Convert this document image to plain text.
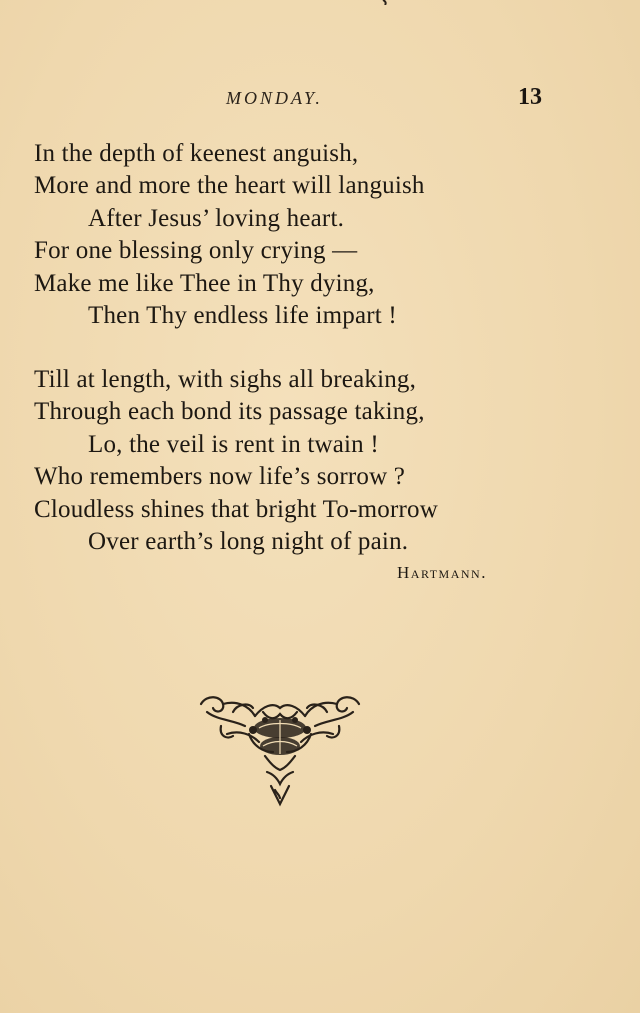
MONDAY.	13
In the depth of keenest anguish,
More and more the heart will languish
After Jesus’ loving heart.
For one blessing only crying —
Make me like Thee in Thy dying,
Then Thy endless life impart !
Till at length, with sighs all breaking,
Through each bond its passage taking,
Lo, the veil is rent in twain !
Who remembers now life’s sorrow ?
Cloudless shines that bright To-morrow
Over earth’s long night of pain.
Hartmann.
